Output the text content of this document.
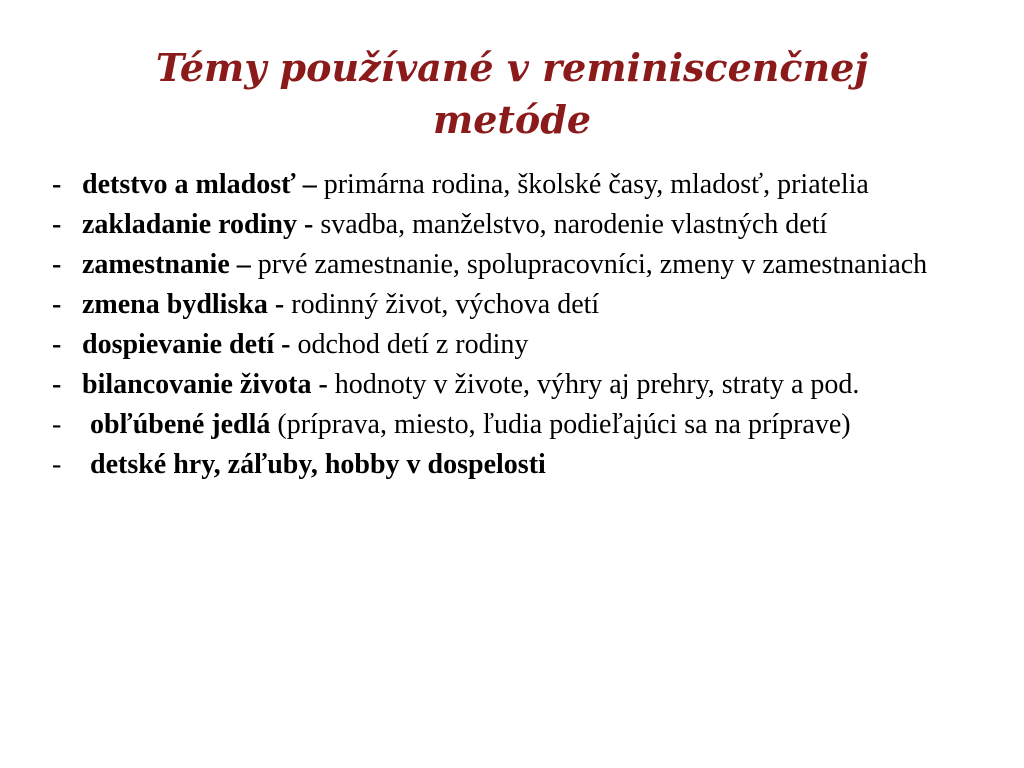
Témy používané v reminiscenčnej
metóde
- detstvo a mladosť – primárna rodina, školské časy, mladosť, priatelia
- zakladanie rodiny - svadba, manželstvo, narodenie vlastných detí
- zamestnanie – prvé zamestnanie, spolupracovníci, zmeny v zamestnaniach
- zmena bydliska - rodinný život, výchova detí
- dospievanie detí - odchod detí z rodiny
- bilancovanie života - hodnoty v živote, výhry aj prehry, straty a pod.
-	obľúbené jedlá (príprava, miesto, ľudia podieľajúci sa na príprave)
-	detské hry, záľuby, hobby v dospelosti
